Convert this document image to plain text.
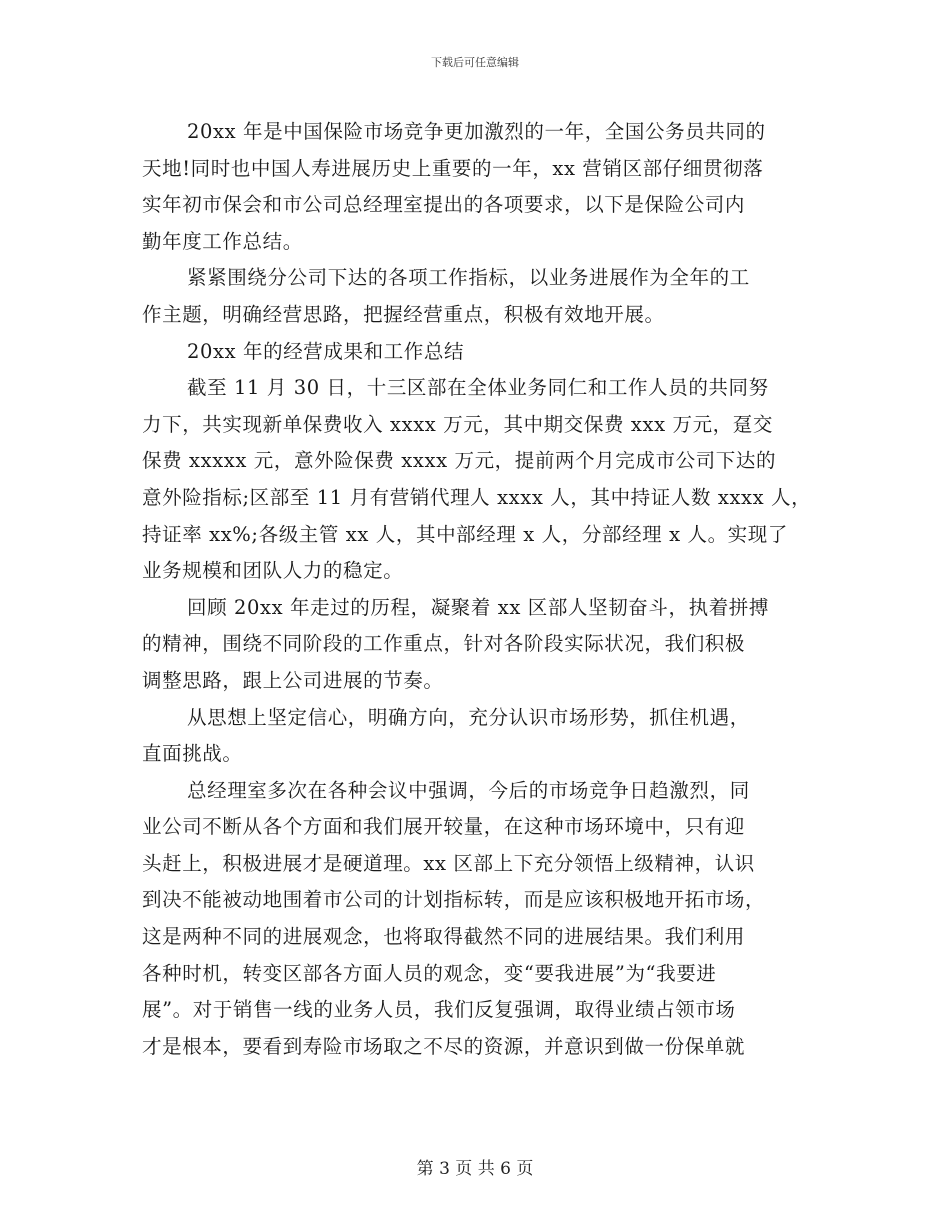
下载后可任意编辑
20xx 年是中国保险市场竞争更加激烈的一年，全国公务员共同的
天地!同时也中国人寿进展历史上重要的一年，xx 营销区部仔细贯彻落
实年初市保会和市公司总经理室提出的各项要求，以下是保险公司内
勤年度工作总结。
紧紧围绕分公司下达的各项工作指标，以业务进展作为全年的工
作主题，明确经营思路，把握经营重点，积极有效地开展。
20xx 年的经营成果和工作总结
截至 11 月 30 日，十三区部在全体业务同仁和工作人员的共同努
力下，共实现新单保费收入 xxxx 万元，其中期交保费 xxx 万元，趸交
保费 xxxxx 元，意外险保费 xxxx 万元，提前两个月完成市公司下达的
意外险指标;区部至 11 月有营销代理人 xxxx 人，其中持证人数 xxxx 人，
持证率 xx%;各级主管 xx 人，其中部经理 x 人，分部经理 x 人。实现了
业务规模和团队人力的稳定。
回顾 20xx 年走过的历程，凝聚着 xx 区部人坚韧奋斗，执着拼搏
的精神，围绕不同阶段的工作重点，针对各阶段实际状况，我们积极
调整思路，跟上公司进展的节奏。
从思想上坚定信心，明确方向，充分认识市场形势，抓住机遇，
直面挑战。
总经理室多次在各种会议中强调，今后的市场竞争日趋激烈，同
业公司不断从各个方面和我们展开较量，在这种市场环境中，只有迎
头赶上，积极进展才是硬道理。xx 区部上下充分领悟上级精神，认识
到决不能被动地围着市公司的计划指标转，而是应该积极地开拓市场，
这是两种不同的进展观念，也将取得截然不同的进展结果。我们利用
各种时机，转变区部各方面人员的观念，变“要我进展”为“我要进
展”。对于销售一线的业务人员，我们反复强调，取得业绩占领市场
才是根本，要看到寿险市场取之不尽的资源，并意识到做一份保单就
第 3 页 共 6 页
